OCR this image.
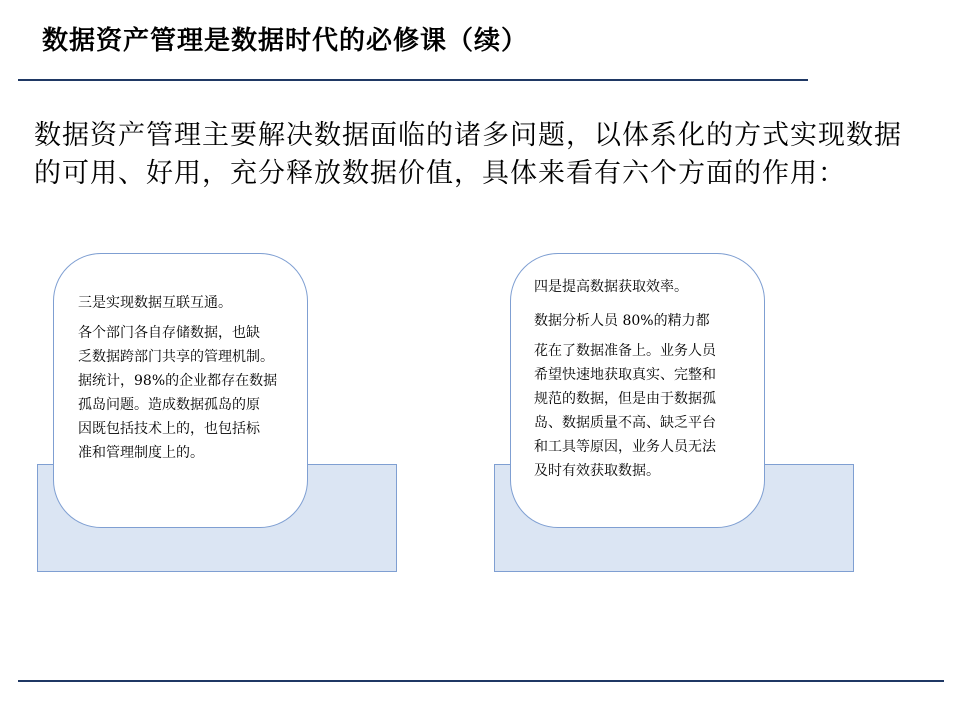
数据资产管理是数据时代的必修课（续）
数据资产管理主要解决数据面临的诸多问题，以体系化的方式实现数据
的可用、好用，充分释放数据价值，具体来看有六个方面的作用：

三是实现数据互联互通。

各个部门各自存储数据，也缺

乏数据跨部门共享的管理机制。

据统计，98%的企业都存在数据

孤岛问题。造成数据孤岛的原

因既包括技术上的，也包括标

准和管理制度上的。

四是提高数据获取效率。

数据分析人员 80%的精力都

花在了数据准备上。业务人员

希望快速地获取真实、完整和

规范的数据，但是由于数据孤

岛、数据质量不高、缺乏平台

和工具等原因，业务人员无法

及时有效获取数据。
